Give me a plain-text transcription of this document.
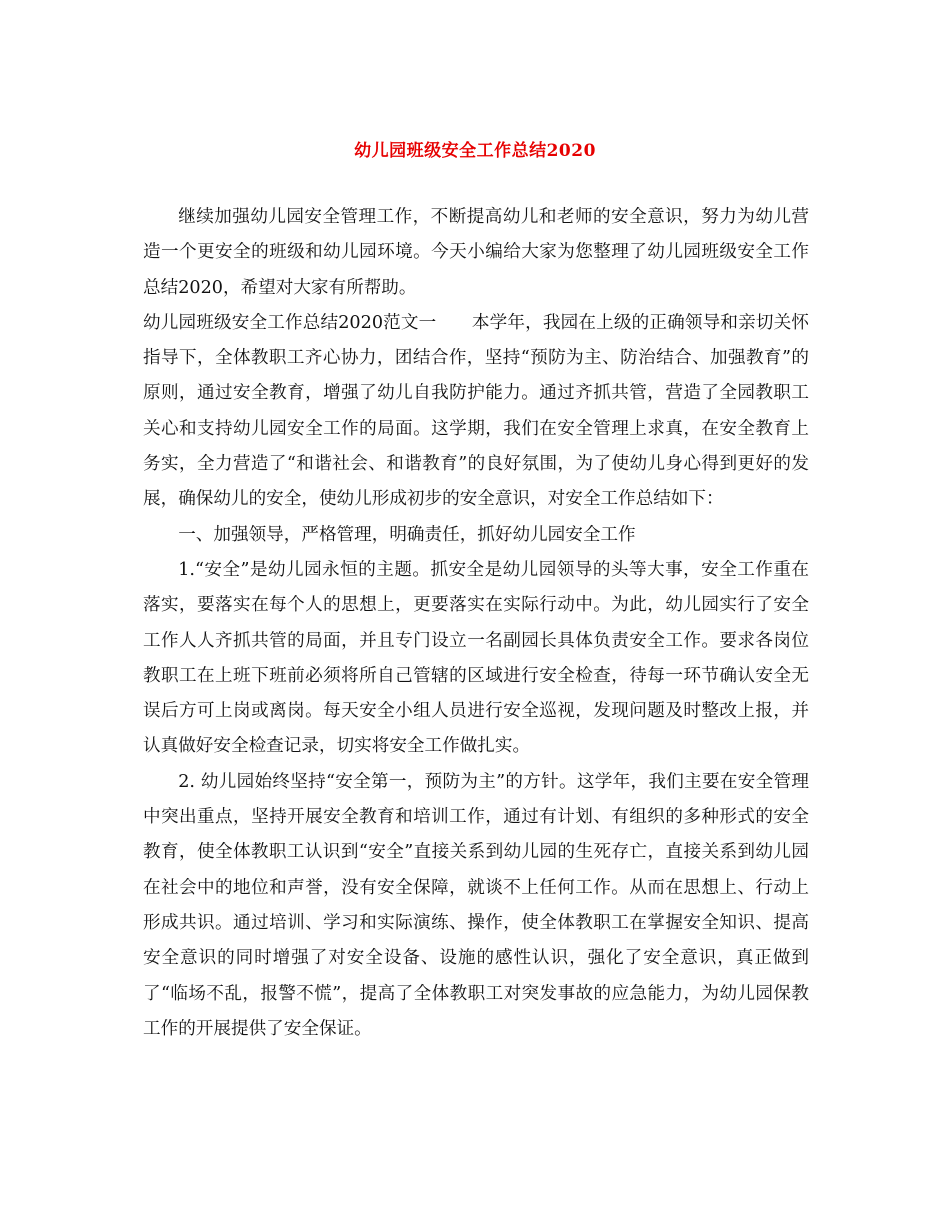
幼儿园班级安全工作总结2020

继续加强幼儿园安全管理工作，不断提高幼儿和老师的安全意识，努力为幼儿营造一个更安全的班级和幼儿园环境。今天小编给大家为您整理了幼儿园班级安全工作总结2020，希望对大家有所帮助。

幼儿园班级安全工作总结2020范文一　　本学年，我园在上级的正确领导和亲切关怀指导下，全体教职工齐心协力，团结合作，坚持“预防为主、防治结合、加强教育”的原则，通过安全教育，增强了幼儿自我防护能力。通过齐抓共管，营造了全园教职工关心和支持幼儿园安全工作的局面。这学期，我们在安全管理上求真，在安全教育上务实，全力营造了“和谐社会、和谐教育”的良好氛围，为了使幼儿身心得到更好的发展，确保幼儿的安全，使幼儿形成初步的安全意识，对安全工作总结如下：

一、加强领导，严格管理，明确责任，抓好幼儿园安全工作

1.“安全”是幼儿园永恒的主题。抓安全是幼儿园领导的头等大事，安全工作重在落实，要落实在每个人的思想上，更要落实在实际行动中。为此，幼儿园实行了安全工作人人齐抓共管的局面，并且专门设立一名副园长具体负责安全工作。要求各岗位教职工在上班下班前必须将所自己管辖的区域进行安全检查，待每一环节确认安全无误后方可上岗或离岗。每天安全小组人员进行安全巡视，发现问题及时整改上报，并认真做好安全检查记录，切实将安全工作做扎实。

2. 幼儿园始终坚持“安全第一，预防为主”的方针。这学年，我们主要在安全管理中突出重点，坚持开展安全教育和培训工作，通过有计划、有组织的多种形式的安全教育，使全体教职工认识到“安全”直接关系到幼儿园的生死存亡，直接关系到幼儿园在社会中的地位和声誉，没有安全保障，就谈不上任何工作。从而在思想上、行动上形成共识。通过培训、学习和实际演练、操作，使全体教职工在掌握安全知识、提高安全意识的同时增强了对安全设备、设施的感性认识，强化了安全意识，真正做到了“临场不乱，报警不慌”，提高了全体教职工对突发事故的应急能力，为幼儿园保教工作的开展提供了安全保证。
